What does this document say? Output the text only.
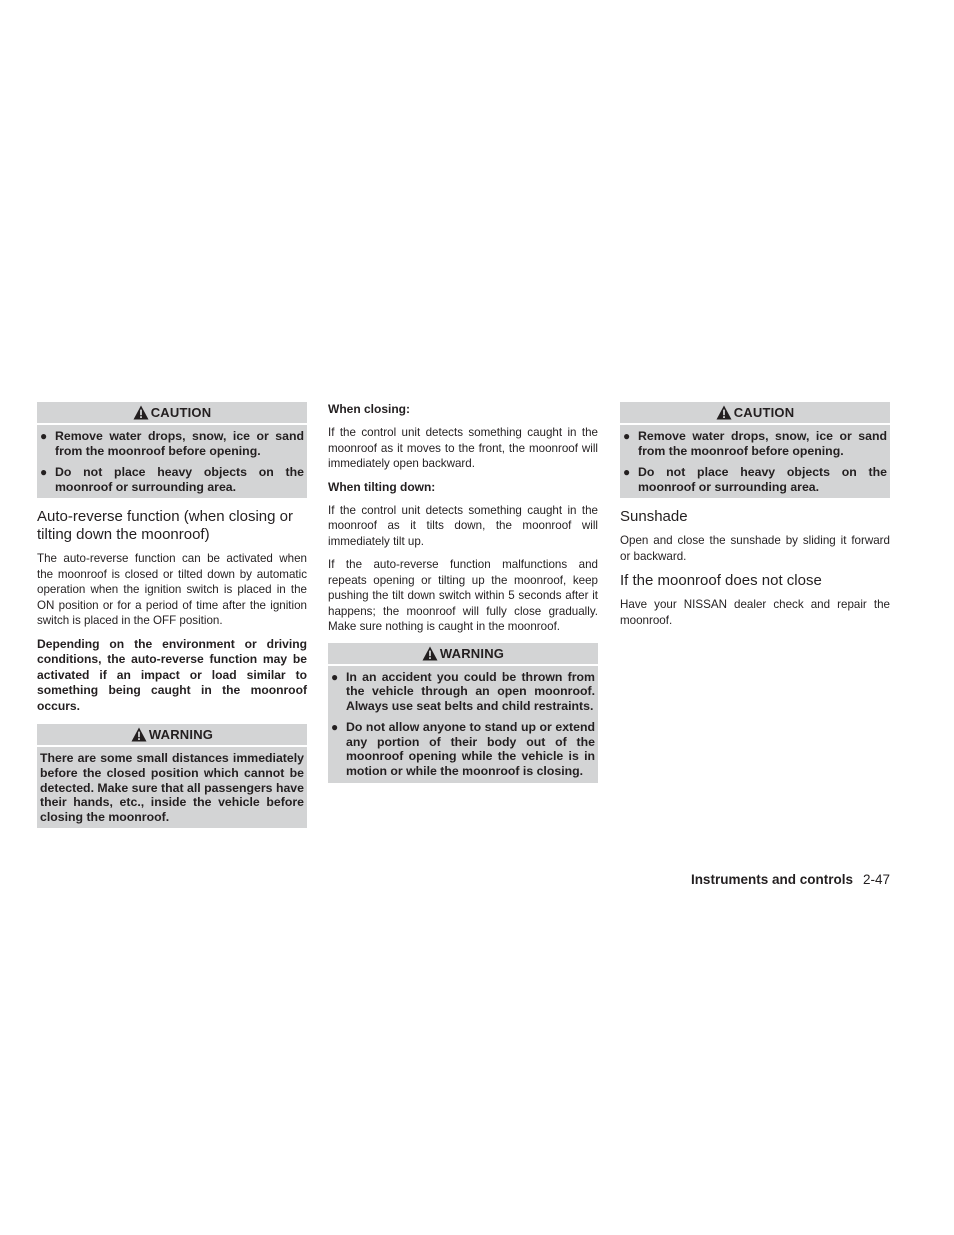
CAUTION
● Remove water drops, snow, ice or sand from the moonroof before opening.
● Do not place heavy objects on the moonroof or surrounding area.
Auto-reverse function (when closing or tilting down the moonroof)

The auto-reverse function can be activated when the moonroof is closed or tilted down by automatic operation when the ignition switch is placed in the ON position or for a period of time after the ignition switch is placed in the OFF position.

Depending on the environment or driving conditions, the auto-reverse function may be activated if an impact or load similar to something being caught in the moonroof occurs.

WARNING
There are some small distances immediately before the closed position which cannot be detected. Make sure that all passengers have their hands, etc., inside the vehicle before closing the moonroof.
When closing:

If the control unit detects something caught in the moonroof as it moves to the front, the moonroof will immediately open backward.

When tilting down:

If the control unit detects something caught in the moonroof as it tilts down, the moonroof will immediately tilt up.

If the auto-reverse function malfunctions and repeats opening or tilting up the moonroof, keep pushing the tilt down switch within 5 seconds after it happens; the moonroof will fully close gradually. Make sure nothing is caught in the moonroof.

WARNING
● In an accident you could be thrown from the vehicle through an open moonroof. Always use seat belts and child restraints.
● Do not allow anyone to stand up or extend any portion of their body out of the moonroof opening while the vehicle is in motion or while the moonroof is closing.
CAUTION
● Remove water drops, snow, ice or sand from the moonroof before opening.
● Do not place heavy objects on the moonroof or surrounding area.
Sunshade

Open and close the sunshade by sliding it forward or backward.

If the moonroof does not close

Have your NISSAN dealer check and repair the moonroof.

Instruments and controls 2-47
